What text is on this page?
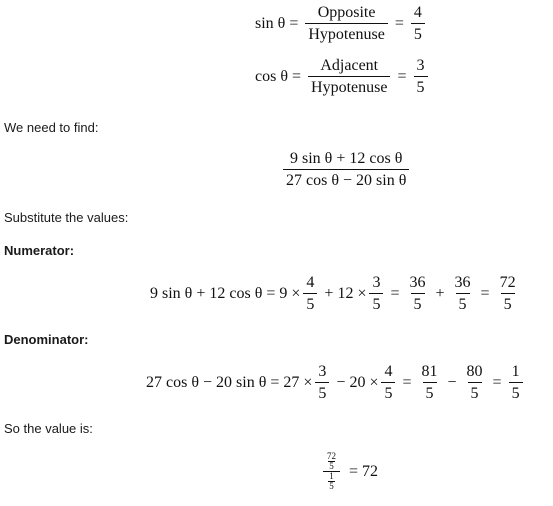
$\sin \theta = \frac{\text{Opposite}}{\text{Hypotenuse}} = \frac{4}{5}$
$\cos \theta = \frac{\text{Adjacent}}{\text{Hypotenuse}} = \frac{3}{5}$
We need to find:
$\frac{\text{9 sin θ + 12 cos θ}}{\text{27 cos θ − 20 sin θ}}$
Substitute the values:
Numerator:
9 sin θ + 12 $\cos \theta = 9 \times \frac{4}{5} + 12 \times \frac{3}{5} = \frac{36}{5} + \frac{36}{5} = \frac{72}{5}$
Denominator:
27 cos θ − 20 $\sin \theta = 27 \times \frac{3}{5} - 20 \times \frac{4}{5} = \frac{81}{5} - \frac{80}{5} = \frac{1}{5}$
So the value is:
$\frac{\frac{72}{5}}{\frac{1}{5}} = 72$
